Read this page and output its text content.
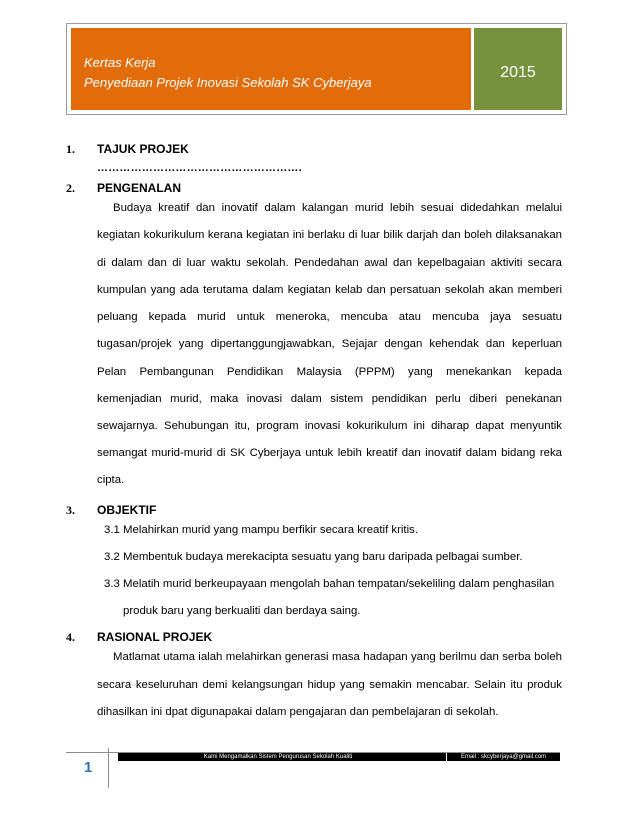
Kertas Kerja
Penyediaan Projek Inovasi Sekolah SK Cyberjaya
2015
1. TAJUK PROJEK
……………………………………………….
2. PENGENALAN
Budaya kreatif dan inovatif dalam kalangan murid lebih sesuai didedahkan melalui
kegiatan kokurikulum kerana kegiatan ini berlaku di luar bilik darjah dan boleh dilaksanakan
di dalam dan di luar waktu sekolah. Pendedahan awal dan kepelbagaian aktiviti secara
kumpulan yang ada terutama dalam kegiatan kelab dan persatuan sekolah akan memberi
peluang kepada murid untuk meneroka, mencuba atau mencuba jaya sesuatu
tugasan/projek yang dipertanggungjawabkan, Sejajar dengan kehendak dan keperluan
Pelan Pembangunan Pendidikan Malaysia (PPPM) yang menekankan kepada
kemenjadian murid, maka inovasi dalam sistem pendidikan perlu diberi penekanan
sewajarnya. Sehubungan itu, program inovasi kokurikulum ini diharap dapat menyuntik
semangat murid-murid di SK Cyberjaya untuk lebih kreatif dan inovatif dalam bidang reka
cipta.
3. OBJEKTIF
3.1 Melahirkan murid yang mampu berfikir secara kreatif kritis.
3.2 Membentuk budaya merekacipta sesuatu yang baru daripada pelbagai sumber.
3.3 Melatih murid berkeupayaan mengolah bahan tempatan/sekeliling dalam penghasilan
produk baru yang berkualiti dan berdaya saing.
4. RASIONAL PROJEK
Matlamat utama ialah melahirkan generasi masa hadapan yang berilmu dan serba boleh
secara keseluruhan demi kelangsungan hidup yang semakin mencabar. Selain itu produk
dihasilkan ini dpat digunapakai dalam pengajaran dan pembelajaran di sekolah.
1
Kami Mengamalkan Sistem Pengurusan Sekolah Kualiti	Email : skcyberjaya@gmail.com
